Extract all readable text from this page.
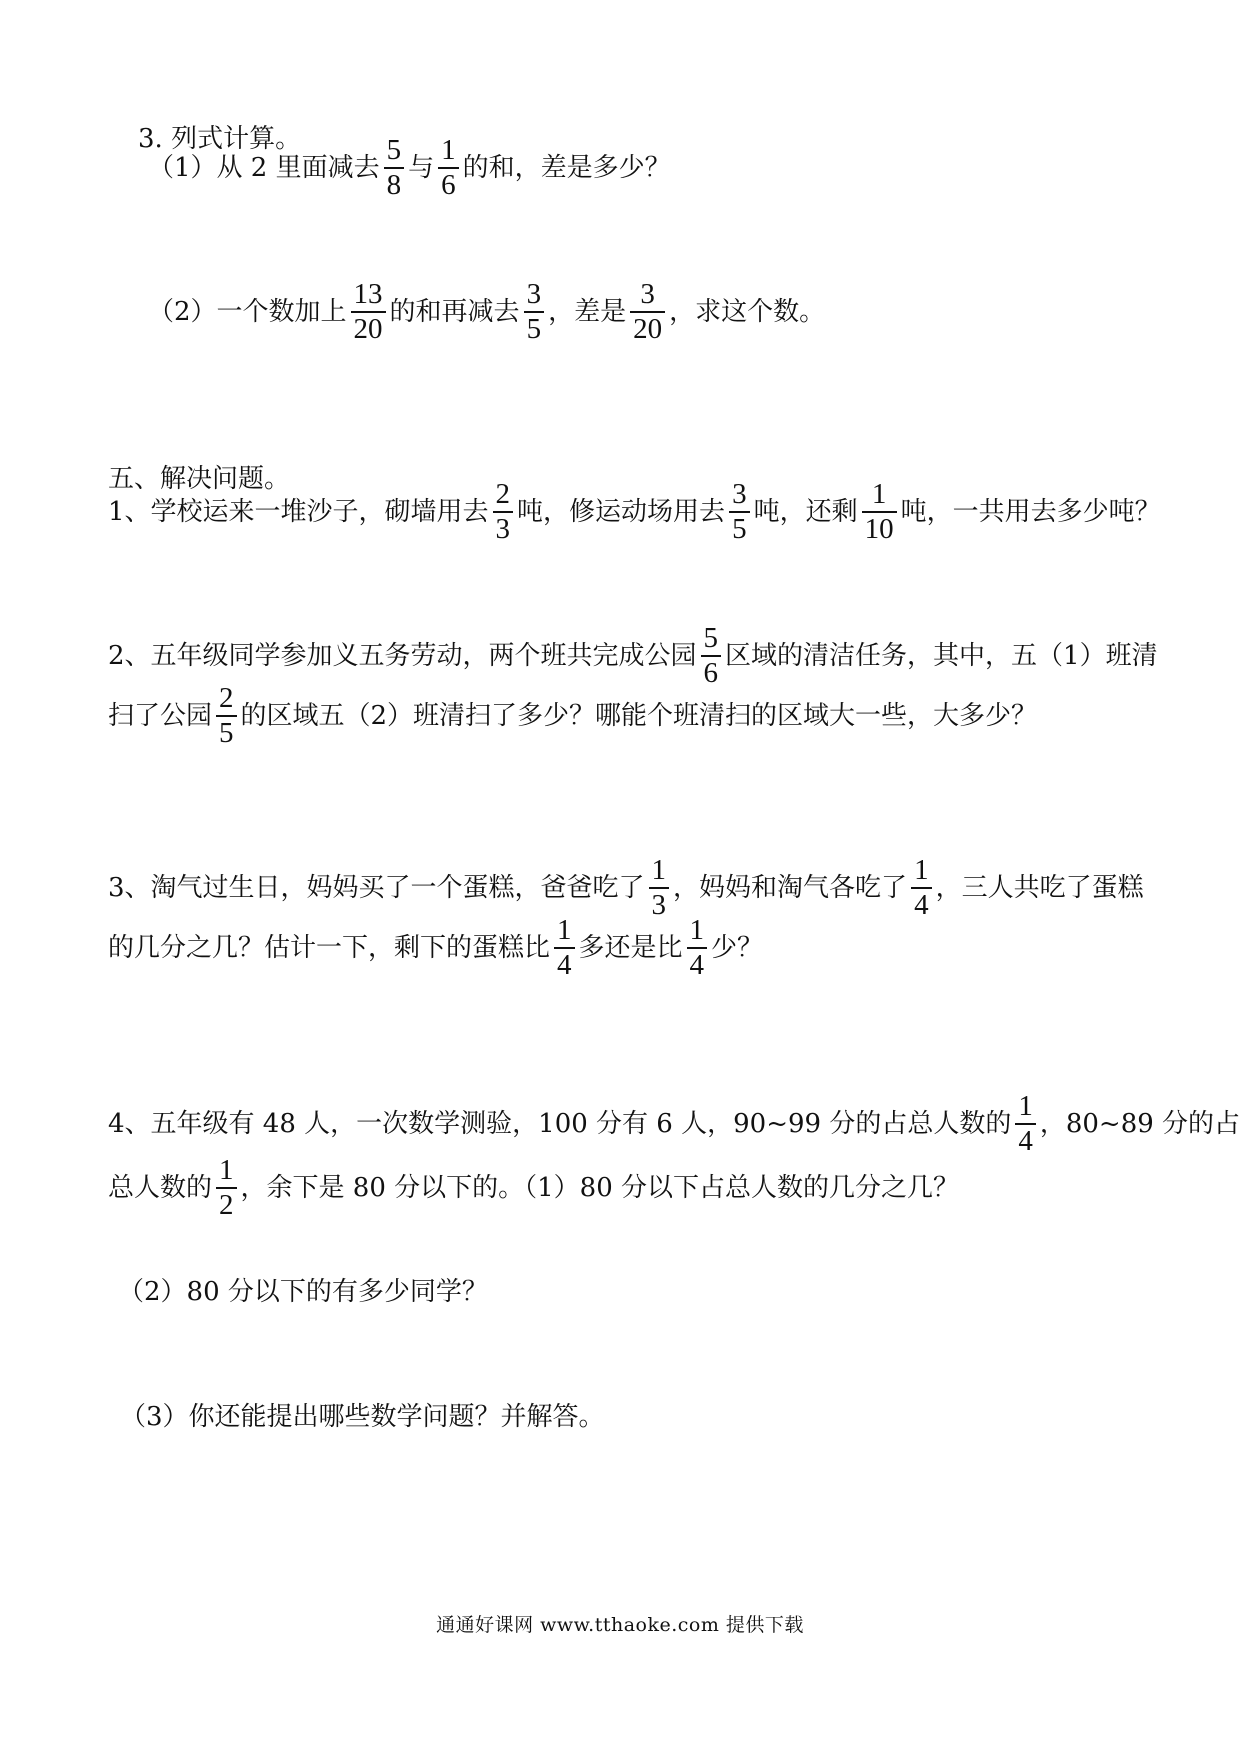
3. 列式计算。
（1）从 2 里面减去 $\frac{5}{8}$ 与 $\frac{1}{6}$ 的和，差是多少？
（2）一个数加上 $\frac{13}{20}$ 的和再减去 $\frac{3}{5}$ ，差是 $\frac{3}{20}$ ，求这个数。
五、解决问题。
1、学校运来一堆沙子，砌墙用去 $\frac{2}{3}$ 吨，修运动场用去 $\frac{3}{5}$ 吨，还剩 $\frac{1}{10}$ 吨，一共用去多少吨？
2、五年级同学参加义五务劳动，两个班共完成公园 $\frac{5}{6}$ 区域的清洁任务，其中，五（1）班清
扫了公园 $\frac{2}{5}$ 的区域五（2）班清扫了多少？哪能个班清扫的区域大一些，大多少？
3、淘气过生日，妈妈买了一个蛋糕，爸爸吃了 $\frac{1}{3}$ ，妈妈和淘气各吃了 $\frac{1}{4}$ ，三人共吃了蛋糕
的几分之几？估计一下，剩下的蛋糕比 $\frac{1}{4}$ 多还是比 $\frac{1}{4}$ 少？
4、五年级有 48 人，一次数学测验，100 分有 6 人，90~99 分的占总人数的 $\frac{1}{4}$ ，80~89 分的占
总人数的 $\frac{1}{2}$ ，余下是 80 分以下的。（1）80 分以下占总人数的几分之几？
（2）80 分以下的有多少同学？
（3）你还能提出哪些数学问题？并解答。
通通好课网 www.tthaoke.com 提供下载
